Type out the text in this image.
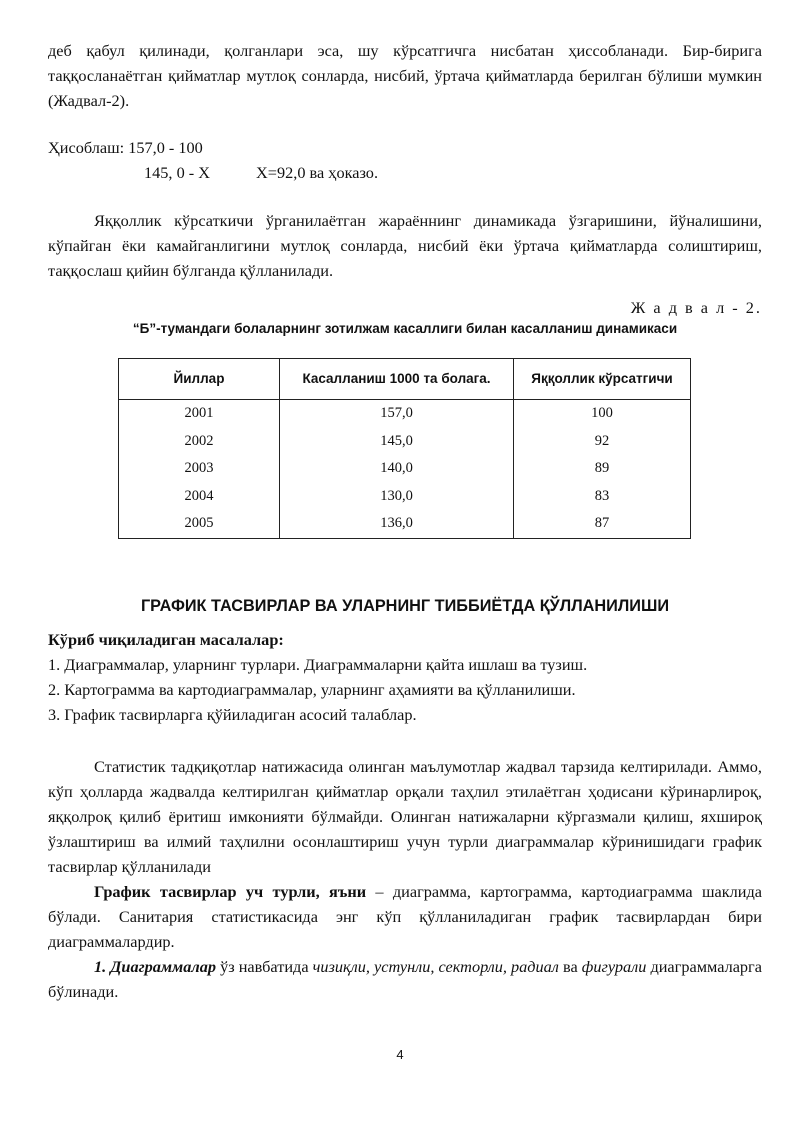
деб қабул қилинади, қолганлари эса, шу кўрсатгичга нисбатан ҳиссобланади. Бир-бирига таққосланаётган қийматлар мутлоқ сонларда, нисбий, ўртача қийматларда берилган бўлиши мумкин (Жадвал-2).

Ҳисоблаш: 157,0 - 100
145, 0 - Х	Х=92,0 ва ҳоказо.

Яққоллик кўрсаткичи ўрганилаётган жараённинг динамикада ўзгаришини, йўналишини, кўпайган ёки камайганлигини мутлоқ сонларда, нисбий ёки ўртача қийматларда солиштириш, таққослаш қийин бўлганда қўлланилади.

Ж а д в а л - 2.
“Б”-тумандаги болаларнинг зотилжам касаллиги билан касалланиш динамикаси
Йиллар	Касалланиш 1000 та болага.	Яққоллик кўрсатгичи
2001	157,0	100
2002	145,0	92
2003	140,0	89
2004	130,0	83
2005	136,0	87
ГРАФИК ТАСВИРЛАР ВА УЛАРНИНГ ТИББИЁТДА ҚЎЛЛАНИЛИШИ
Кўриб чиқиладиган масалалар:

1. Диаграммалар, уларнинг турлари. Диаграммаларни қайта ишлаш ва тузиш.

2. Картограмма ва картодиаграммалар, уларнинг аҳамияти ва қўлланилиши.

3. График тасвирларга қўйиладиган асосий талаблар.

Статистик тадқиқотлар натижасида олинган маълумотлар жадвал тарзида келтирилади. Аммо, кўп ҳолларда жадвалда келтирилган қийматлар орқали таҳлил этилаётган ҳодисани кўринарлироқ, яққолроқ қилиб ёритиш имконияти бўлмайди. Олинган натижаларни кўргазмали қилиш, яхшироқ ўзлаштириш ва илмий таҳлилни осонлаштириш учун турли диаграммалар кўринишидаги график тасвирлар қўлланилади

График тасвирлар уч турли, яъни – диаграмма, картограмма, картодиаграмма шаклида бўлади. Санитария статистикасида энг кўп қўлланиладиган график тасвирлардан бири диаграммалардир.

1. Диаграммалар ўз навбатида чизиқли, устунли, секторли, радиал ва фигурали диаграммаларга бўлинади.

4
